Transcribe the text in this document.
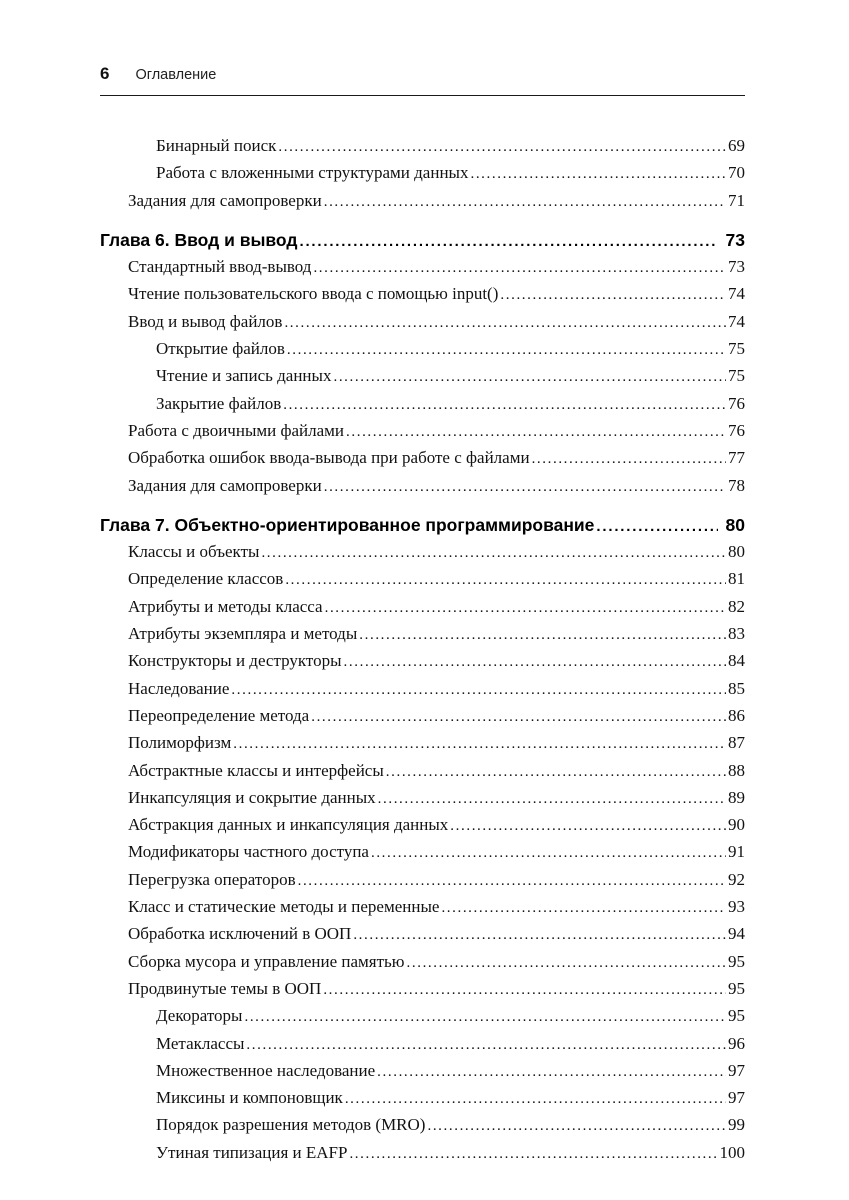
6 Оглавление
Бинарный поиск .....	69
Работа с вложенными структурами данных .....	70
Задания для самопроверки .....	71
Глава 6. Ввод и вывод .....	73
Стандартный ввод-вывод .....	73
Чтение пользовательского ввода с помощью input() .....	74
Ввод и вывод файлов .....	74
Открытие файлов .....	75
Чтение и запись данных .....	75
Закрытие файлов .....	76
Работа с двоичными файлами .....	76
Обработка ошибок ввода-вывода при работе с файлами .....	77
Задания для самопроверки .....	78
Глава 7. Объектно-ориентированное программирование .....	80
Классы и объекты .....	80
Определение классов .....	81
Атрибуты и методы класса .....	82
Атрибуты экземпляра и методы .....	83
Конструкторы и деструкторы .....	84
Наследование .....	85
Переопределение метода .....	86
Полиморфизм .....	87
Абстрактные классы и интерфейсы .....	88
Инкапсуляция и сокрытие данных .....	89
Абстракция данных и инкапсуляция данных .....	90
Модификаторы частного доступа .....	91
Перегрузка операторов .....	92
Класс и статические методы и переменные .....	93
Обработка исключений в ООП .....	94
Сборка мусора и управление памятью .....	95
Продвинутые темы в ООП .....	95
Декораторы .....	95
Метаклассы .....	96
Множественное наследование .....	97
Миксины и компоновщик .....	97
Порядок разрешения методов (MRO) .....	99
Утиная типизация и EAFP .....	100
